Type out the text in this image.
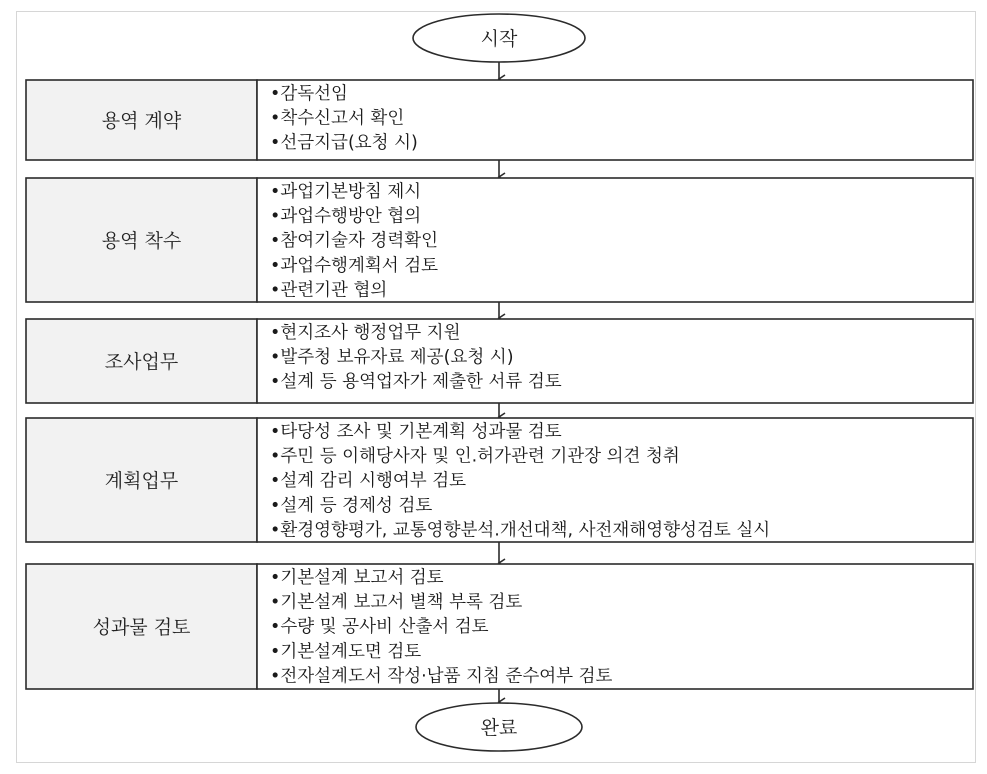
시작
용역 계약
•감독선임
•착수신고서 확인
•선금지급(요청 시)
용역 착수
•과업기본방침 제시
•과업수행방안 협의
•참여기술자 경력확인
•과업수행계획서 검토
•관련기관 협의
조사업무
•현지조사 행정업무 지원
•발주청 보유자료 제공(요청 시)
•설계 등 용역업자가 제출한 서류 검토
계획업무
•타당성 조사 및 기본계획 성과물 검토
•주민 등 이해당사자 및 인.허가관련 기관장 의견 청취
•설계 감리 시행여부 검토
•설계 등 경제성 검토
•환경영향평가, 교통영향분석.개선대책, 사전재해영향성검토 실시
성과물 검토
•기본설계 보고서 검토
•기본설계 보고서 별책 부록 검토
•수량 및 공사비 산출서 검토
•기본설계도면 검토
•전자설계도서 작성·납품 지침 준수여부 검토
완료
